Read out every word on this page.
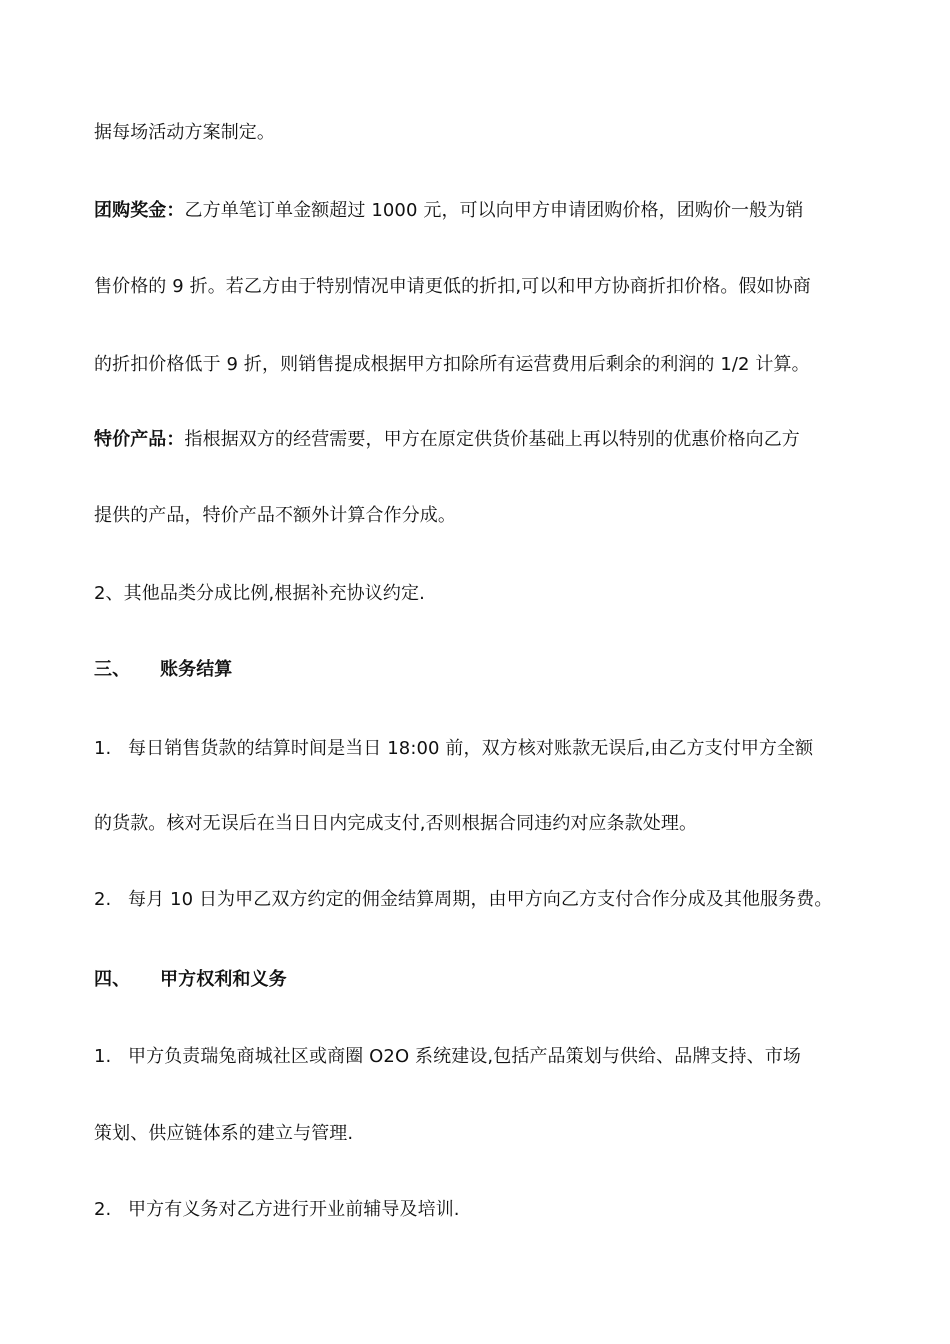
据每场活动方案制定。
团购奖金：乙方单笔订单金额超过 1000 元，可以向甲方申请团购价格，团购价一般为销
售价格的 9 折。若乙方由于特别情况申请更低的折扣,可以和甲方协商折扣价格。假如协商
的折扣价格低于 9 折，则销售提成根据甲方扣除所有运营费用后剩余的利润的 1/2 计算。
特价产品：指根据双方的经营需要，甲方在原定供货价基础上再以特别的优惠价格向乙方
提供的产品，特价产品不额外计算合作分成。
2、其他品类分成比例,根据补充协议约定.
三、 账务结算
1. 每日销售货款的结算时间是当日 18:00 前，双方核对账款无误后,由乙方支付甲方全额
的货款。核对无误后在当日日内完成支付,否则根据合同违约对应条款处理。
2. 每月 10 日为甲乙双方约定的佣金结算周期，由甲方向乙方支付合作分成及其他服务费。
四、 甲方权利和义务
1. 甲方负责瑞兔商城社区或商圈 O2O 系统建设,包括产品策划与供给、品牌支持、市场
策划、供应链体系的建立与管理.
2. 甲方有义务对乙方进行开业前辅导及培训.
